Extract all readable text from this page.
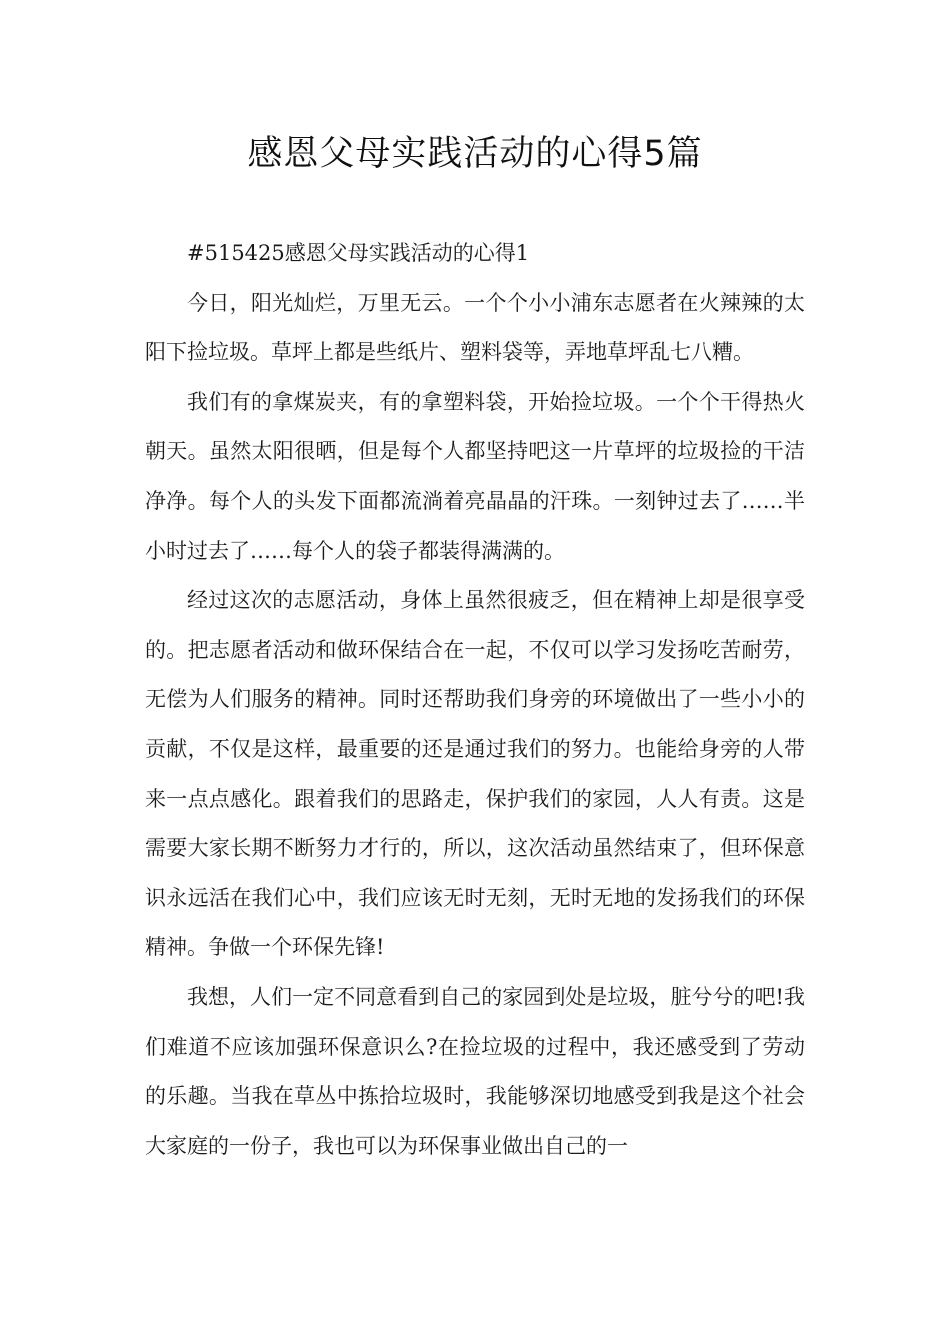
感恩父母实践活动的心得5篇

#515425感恩父母实践活动的心得1

今日，阳光灿烂，万里无云。一个个小小浦东志愿者在火辣辣的太阳下捡垃圾。草坪上都是些纸片、塑料袋等，弄地草坪乱七八糟。

我们有的拿煤炭夹，有的拿塑料袋，开始捡垃圾。一个个干得热火朝天。虽然太阳很晒，但是每个人都坚持吧这一片草坪的垃圾捡的干洁净净。每个人的头发下面都流淌着亮晶晶的汗珠。一刻钟过去了……半小时过去了……每个人的袋子都装得满满的。

经过这次的志愿活动，身体上虽然很疲乏，但在精神上却是很享受的。把志愿者活动和做环保结合在一起，不仅可以学习发扬吃苦耐劳，无偿为人们服务的精神。同时还帮助我们身旁的环境做出了一些小小的贡献，不仅是这样，最重要的还是通过我们的努力。也能给身旁的人带来一点点感化。跟着我们的思路走，保护我们的家园，人人有责。这是需要大家长期不断努力才行的，所以，这次活动虽然结束了，但环保意识永远活在我们心中，我们应该无时无刻，无时无地的发扬我们的环保精神。争做一个环保先锋!

我想，人们一定不同意看到自己的家园到处是垃圾，脏兮兮的吧!我们难道不应该加强环保意识么?在捡垃圾的过程中，我还感受到了劳动的乐趣。当我在草丛中拣拾垃圾时，我能够深切地感受到我是这个社会大家庭的一份子，我也可以为环保事业做出自己的一
